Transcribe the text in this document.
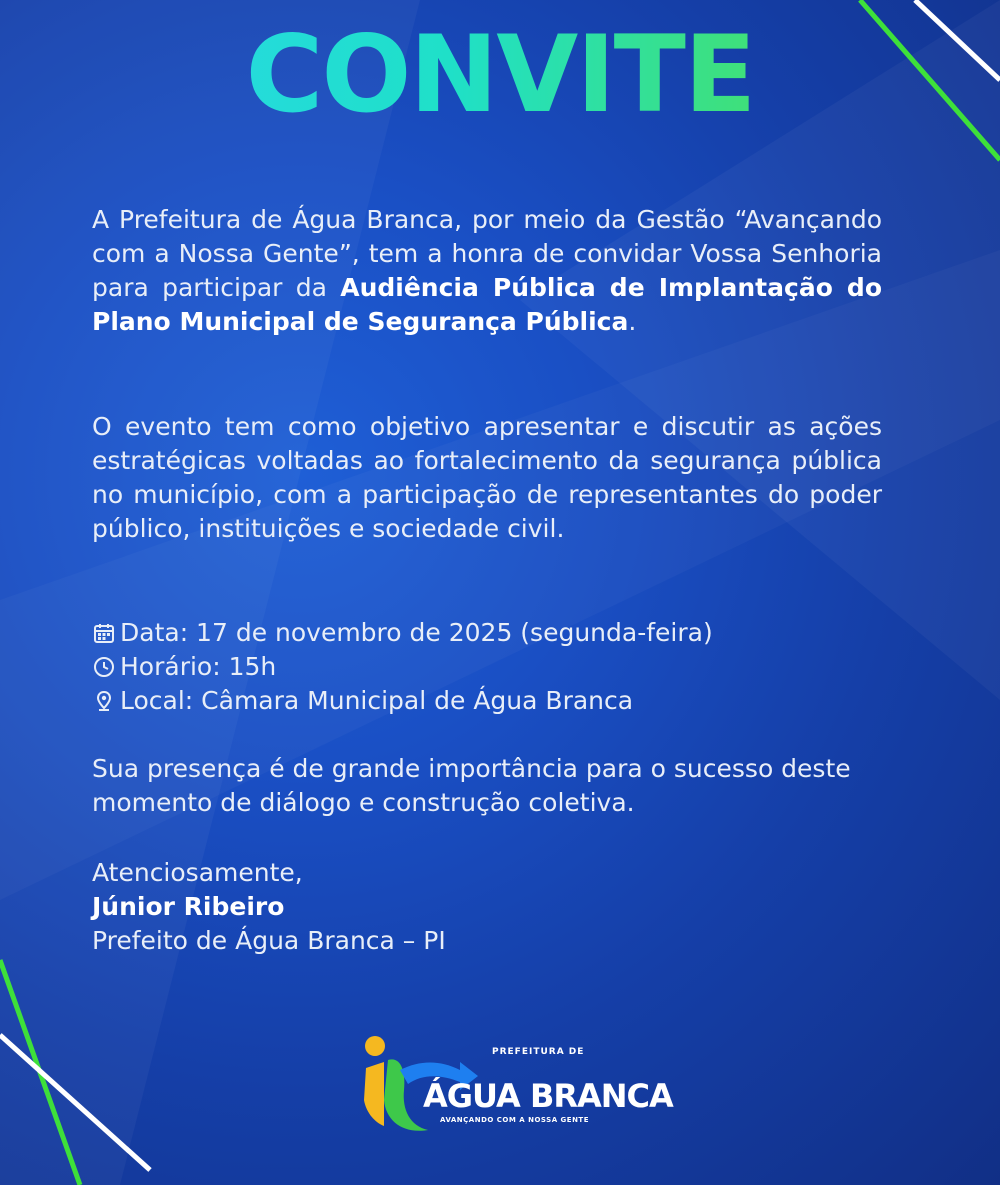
CONVITE
A Prefeitura de Água Branca, por meio da Gestão “Avançando com a Nossa Gente”, tem a honra de convidar Vossa Senhoria para participar da Audiência Pública de Implantação do Plano Municipal de Segurança Pública.
O evento tem como objetivo apresentar e discutir as ações estratégicas voltadas ao fortalecimento da segurança pública no município, com a participação de representantes do poder público, instituições e sociedade civil.
Data: 17 de novembro de 2025 (segunda-feira)
Horário: 15h
Local: Câmara Municipal de Água Branca
Sua presença é de grande importância para o sucesso deste momento de diálogo e construção coletiva.
Atenciosamente,
Júnior Ribeiro
Prefeito de Água Branca – PI
PREFEITURA DE
ÁGUA BRANCA
AVANÇANDO COM A NOSSA GENTE
